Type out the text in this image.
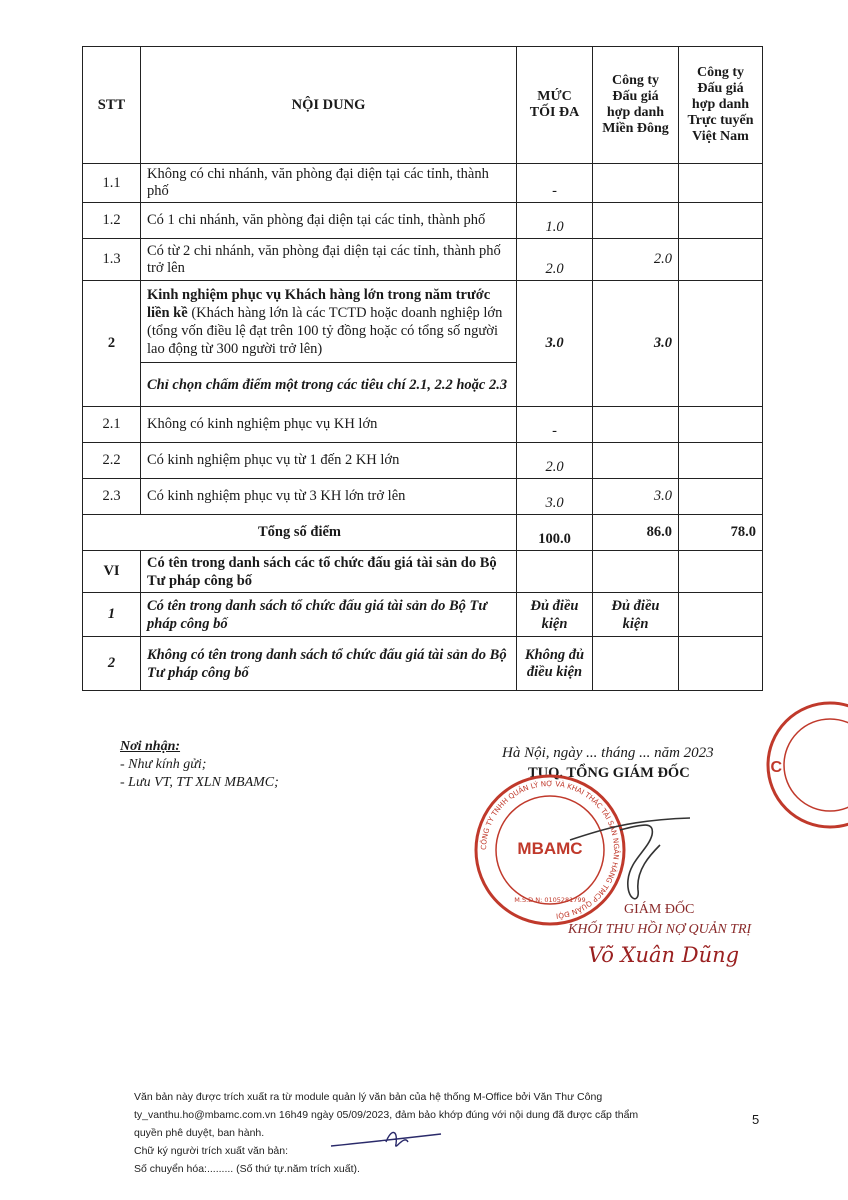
STT	NỘI DUNG	MỨC TỐI ĐA	Công ty Đấu giá hợp danh Miền Đông	Công ty Đấu giá hợp danh Trực tuyến Việt Nam
1.1	Không có chi nhánh, văn phòng đại diện tại các tỉnh, thành phố	-		
1.2	Có 1 chi nhánh, văn phòng đại diện tại các tỉnh, thành phố	1.0		
1.3	Có từ 2 chi nhánh, văn phòng đại diện tại các tỉnh, thành phố trở lên	2.0	2.0	
2	Kinh nghiệm phục vụ Khách hàng lớn trong năm trước liền kề (Khách hàng lớn là các TCTD hoặc doanh nghiệp lớn (tổng vốn điều lệ đạt trên 100 tỷ đồng hoặc có tổng số người lao động từ 300 người trở lên)	3.0	3.0	
	Chỉ chọn chấm điểm một trong các tiêu chí 2.1, 2.2 hoặc 2.3			
2.1	Không có kinh nghiệm phục vụ KH lớn	-		
2.2	Có kinh nghiệm phục vụ từ 1 đến 2 KH lớn	2.0		
2.3	Có kinh nghiệm phục vụ từ 3 KH lớn trở lên	3.0	3.0	
Tổng số điểm		100.0	86.0	78.0
VI	Có tên trong danh sách các tổ chức đấu giá tài sản do Bộ Tư pháp công bố			
1	Có tên trong danh sách tổ chức đấu giá tài sản do Bộ Tư pháp công bố	Đủ điều kiện	Đủ điều kiện	
2	Không có tên trong danh sách tổ chức đấu giá tài sản do Bộ Tư pháp công bố	Không đủ điều kiện		
Nơi nhận:
- Như kính gửi;
- Lưu VT, TT XLN MBAMC;
Hà Nội, ngày ... tháng ... năm 2023
TUQ. TỔNG GIÁM ĐỐC
CÔNG TY TNHH QUẢN LÝ NỢ VÀ KHAI THÁC TÀI SẢN NGÂN HÀNG TMCP QUÂN ĐỘI
MBAMC
M.S.D.N: 0105281799
IC
GIÁM ĐỐC
KHỐI THU HỒI NỢ QUẢN TRỊ
Võ Xuân Dũng
Văn bản này được trích xuất ra từ module quản lý văn bản của hệ thống M-Office bởi Văn Thư Công
ty_vanthu.ho@mbamc.com.vn 16h49 ngày 05/09/2023, đảm bảo khớp đúng với nội dung đã được cấp thẩm
quyền phê duyệt, ban hành.
Chữ ký người trích xuất văn bản:
Số chuyển hóa:......... (Số thứ tự.năm trích xuất).
5
